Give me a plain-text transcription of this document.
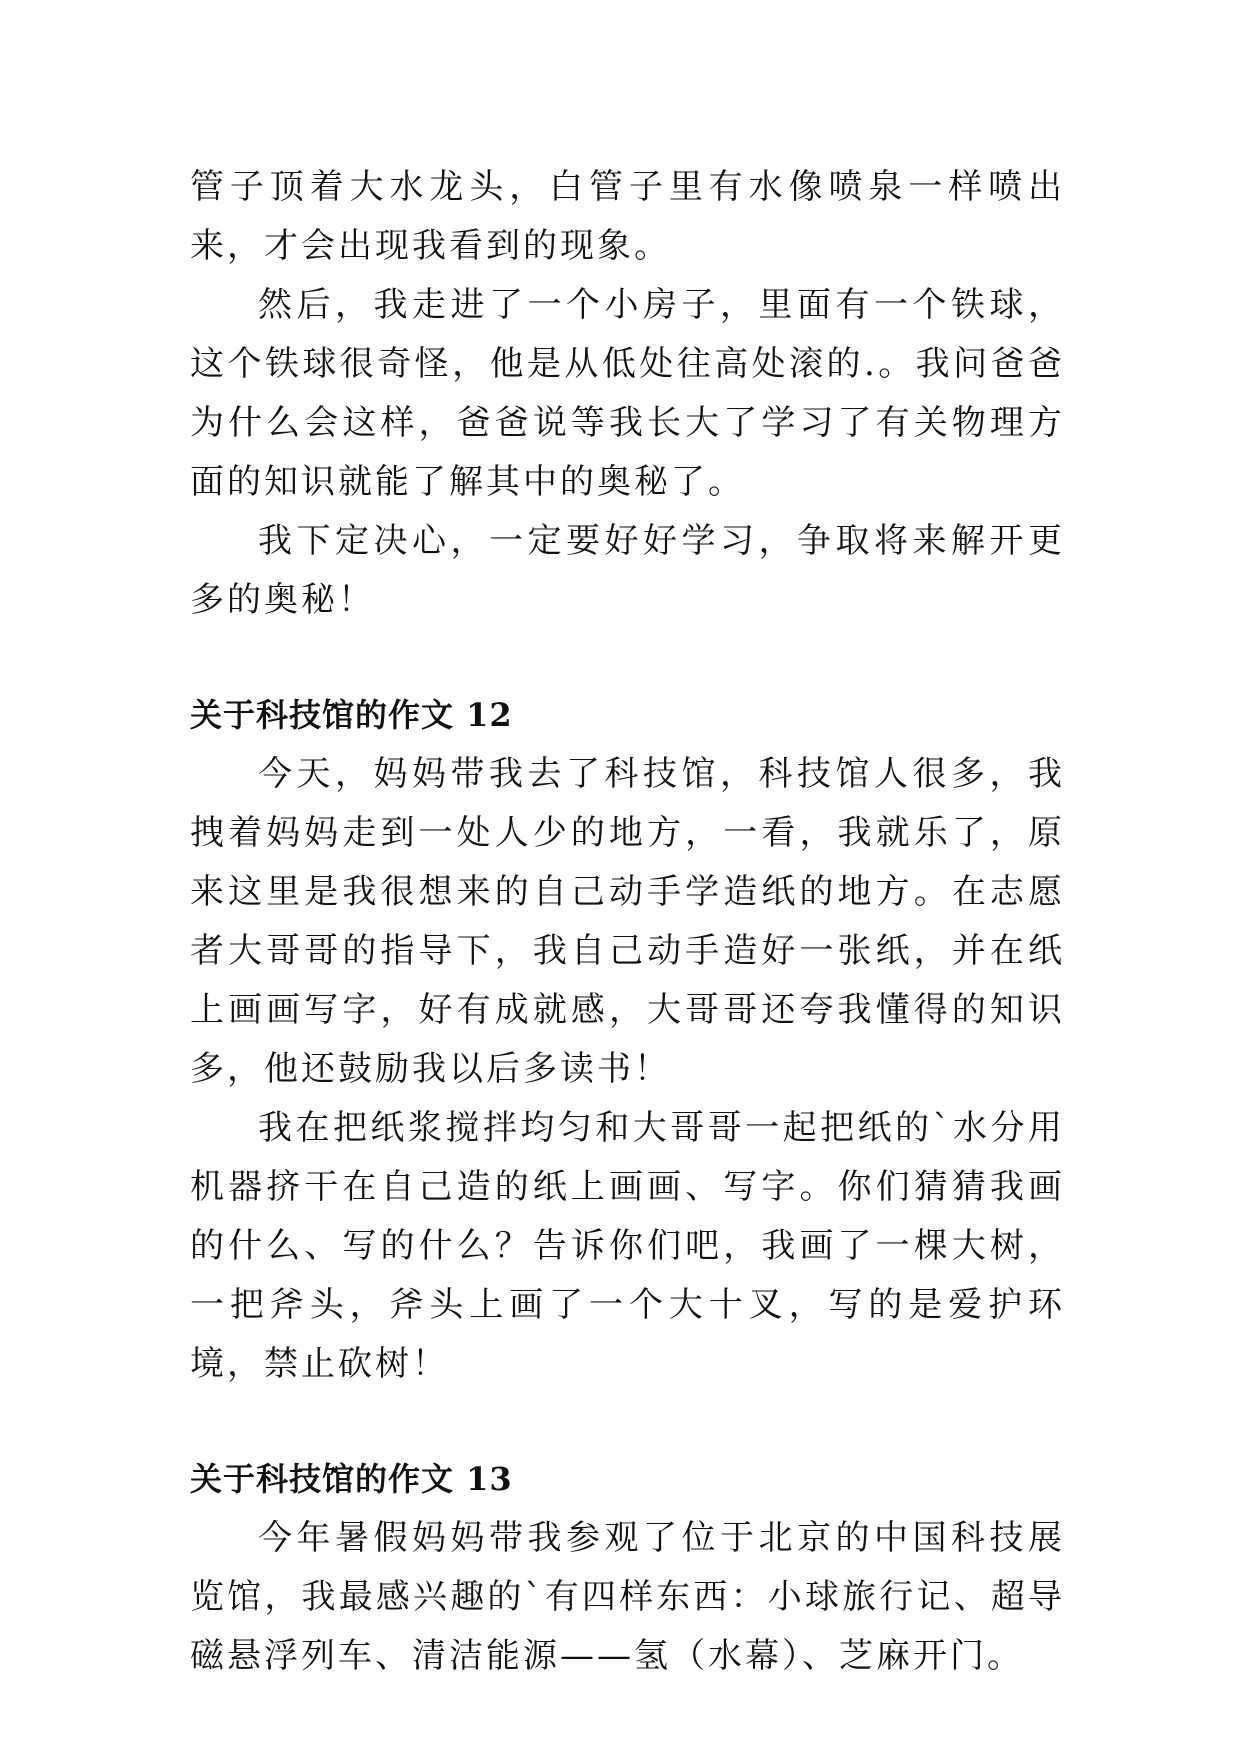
管子顶着大水龙头，白管子里有水像喷泉一样喷出来，才会出现我看到的现象。

然后，我走进了一个小房子，里面有一个铁球，这个铁球很奇怪，他是从低处往高处滚的.。我问爸爸为什么会这样，爸爸说等我长大了学习了有关物理方面的知识就能了解其中的奥秘了。

我下定决心，一定要好好学习，争取将来解开更多的奥秘！

关于科技馆的作文 12

今天，妈妈带我去了科技馆，科技馆人很多，我拽着妈妈走到一处人少的地方，一看，我就乐了，原来这里是我很想来的自己动手学造纸的地方。在志愿者大哥哥的指导下，我自己动手造好一张纸，并在纸上画画写字，好有成就感，大哥哥还夸我懂得的知识多，他还鼓励我以后多读书！

我在把纸浆搅拌均匀和大哥哥一起把纸的`水分用机器挤干在自己造的纸上画画、写字。你们猜猜我画的什么、写的什么？告诉你们吧，我画了一棵大树，一把斧头，斧头上画了一个大十叉，写的是爱护环境，禁止砍树！

关于科技馆的作文 13

今年暑假妈妈带我参观了位于北京的中国科技展览馆，我最感兴趣的`有四样东西：小球旅行记、超导磁悬浮列车、清洁能源——氢（水幕）、芝麻开门。
